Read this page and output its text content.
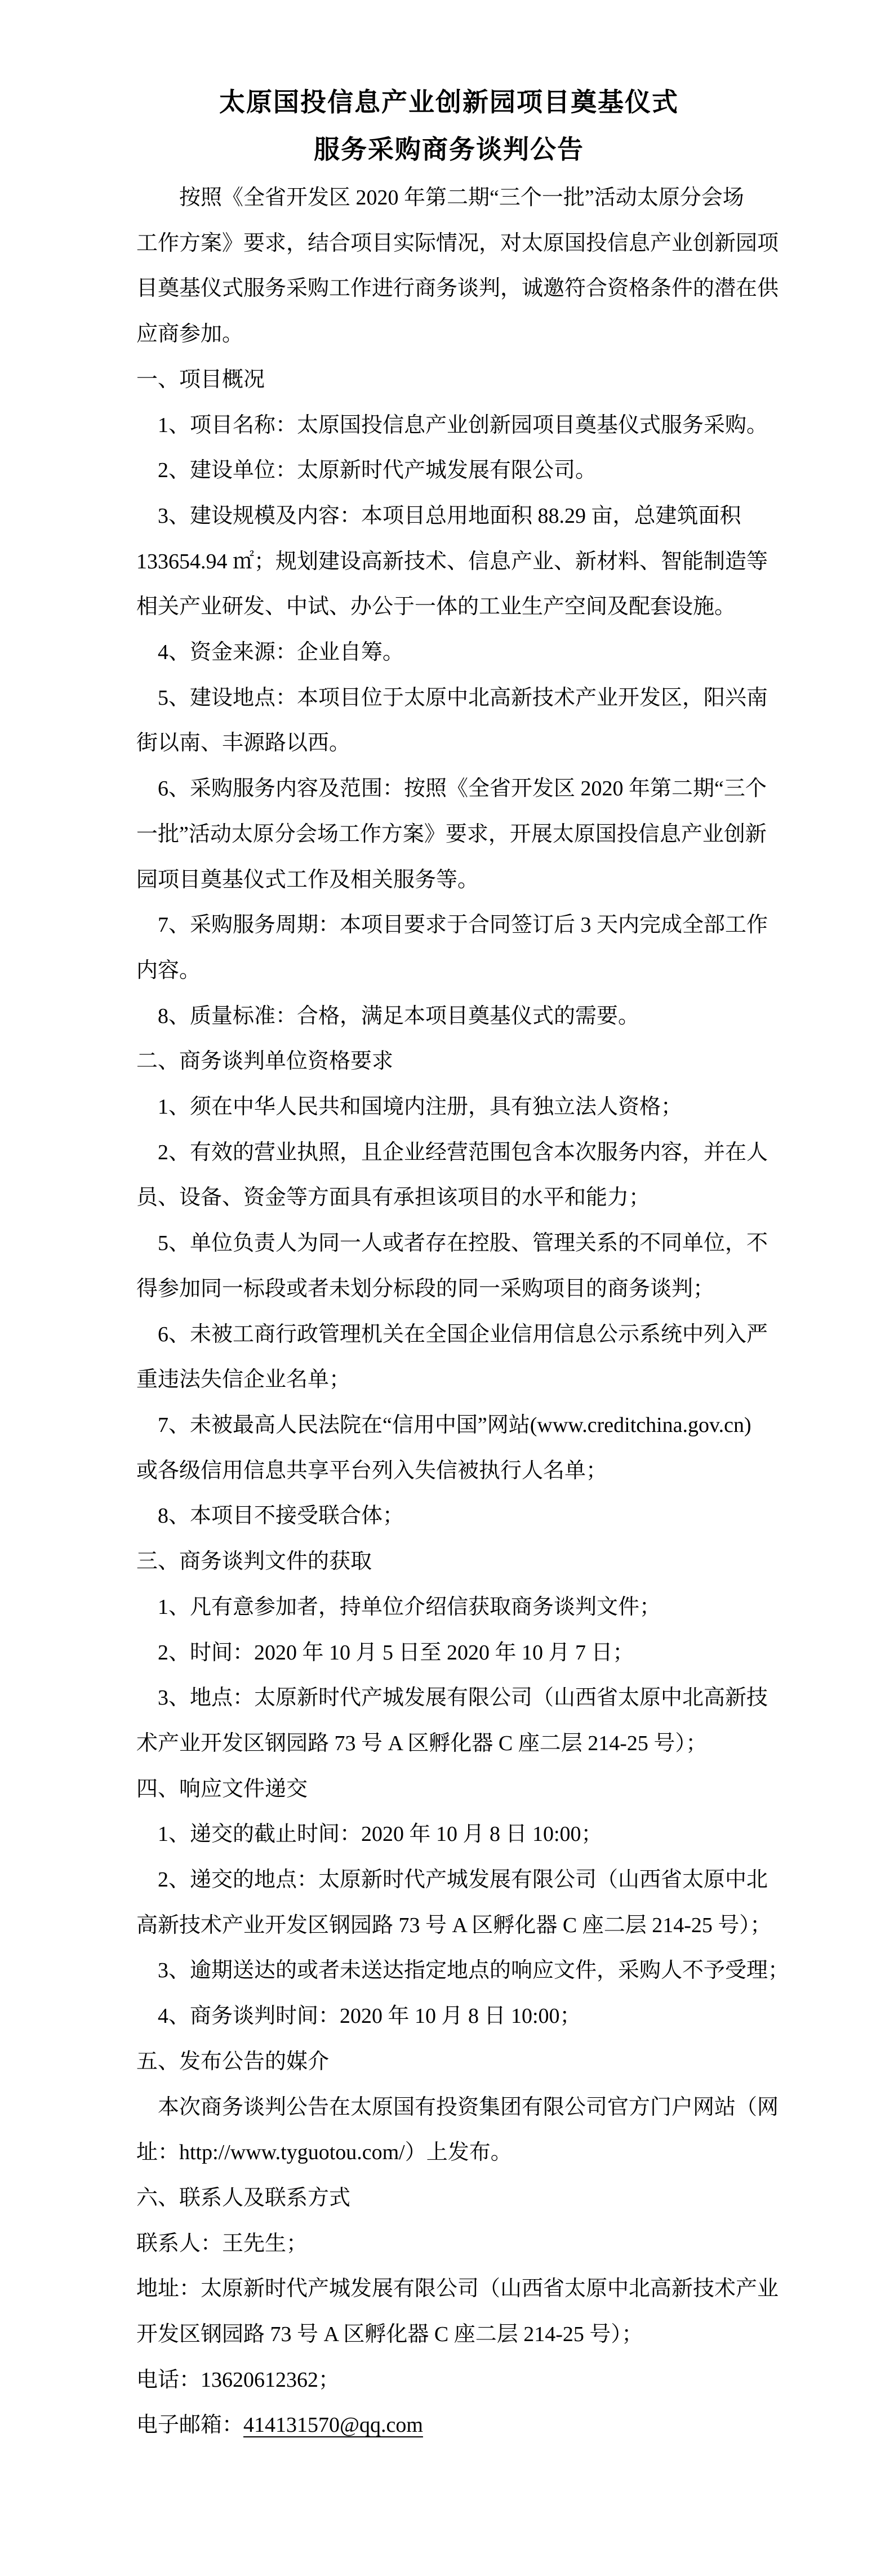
太原国投信息产业创新园项目奠基仪式
服务采购商务谈判公告
按照《全省开发区 2020 年第二期“三个一批”活动太原分会场
工作方案》要求，结合项目实际情况，对太原国投信息产业创新园项
目奠基仪式服务采购工作进行商务谈判，诚邀符合资格条件的潜在供
应商参加。
一、项目概况
1、项目名称：太原国投信息产业创新园项目奠基仪式服务采购。
2、建设单位：太原新时代产城发展有限公司。
3、建设规模及内容：本项目总用地面积 88.29 亩，总建筑面积
133654.94 ㎡；规划建设高新技术、信息产业、新材料、智能制造等
相关产业研发、中试、办公于一体的工业生产空间及配套设施。
4、资金来源：企业自筹。
5、建设地点：本项目位于太原中北高新技术产业开发区，阳兴南
街以南、丰源路以西。
6、采购服务内容及范围：按照《全省开发区 2020 年第二期“三个
一批”活动太原分会场工作方案》要求，开展太原国投信息产业创新
园项目奠基仪式工作及相关服务等。
7、采购服务周期：本项目要求于合同签订后 3 天内完成全部工作
内容。
8、质量标准：合格，满足本项目奠基仪式的需要。
二、商务谈判单位资格要求
1、须在中华人民共和国境内注册，具有独立法人资格；
2、有效的营业执照，且企业经营范围包含本次服务内容，并在人
员、设备、资金等方面具有承担该项目的水平和能力；
5、单位负责人为同一人或者存在控股、管理关系的不同单位，不
得参加同一标段或者未划分标段的同一采购项目的商务谈判；
6、未被工商行政管理机关在全国企业信用信息公示系统中列入严
重违法失信企业名单；
7、未被最高人民法院在“信用中国”网站(www.creditchina.gov.cn)
或各级信用信息共享平台列入失信被执行人名单；
8、本项目不接受联合体；
三、商务谈判文件的获取
1、凡有意参加者，持单位介绍信获取商务谈判文件；
2、时间：2020 年 10 月 5 日至 2020 年 10 月 7 日；
3、地点：太原新时代产城发展有限公司（山西省太原中北高新技
术产业开发区钢园路 73 号 A 区孵化器 C 座二层 214-25 号）；
四、响应文件递交
1、递交的截止时间：2020 年 10 月 8 日 10:00；
2、递交的地点：太原新时代产城发展有限公司（山西省太原中北
高新技术产业开发区钢园路 73 号 A 区孵化器 C 座二层 214-25 号）；
3、逾期送达的或者未送达指定地点的响应文件，采购人不予受理；
4、商务谈判时间：2020 年 10 月 8 日 10:00；
五、发布公告的媒介
本次商务谈判公告在太原国有投资集团有限公司官方门户网站（网
址：http://www.tyguotou.com/）上发布。
六、联系人及联系方式
联系人：王先生；
地址：太原新时代产城发展有限公司（山西省太原中北高新技术产业
开发区钢园路 73 号 A 区孵化器 C 座二层 214-25 号）；
电话：13620612362；
电子邮箱：414131570@qq.com
